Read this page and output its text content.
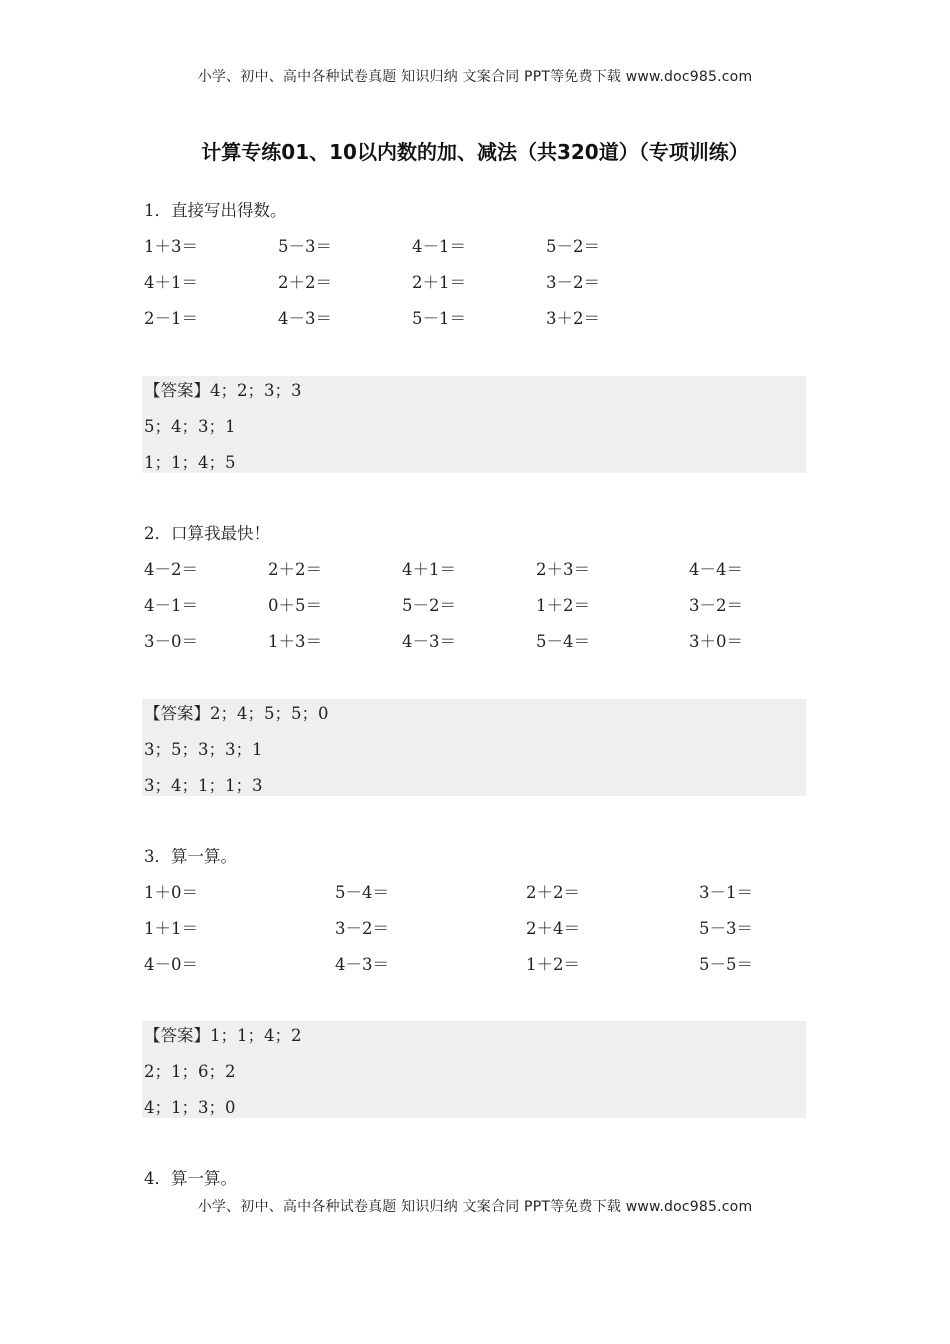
小学、初中、高中各种试卷真题 知识归纳 文案合同 PPT等免费下载 www.doc985.com
计算专练01、10以内数的加、减法（共320道）（专项训练）
1．直接写出得数。
1＋3＝	5－3＝	4－1＝	5－2＝
4＋1＝	2＋2＝	2＋1＝	3－2＝
2－1＝	4－3＝	5－1＝	3＋2＝
【答案】4；2；3；3
5；4；3；1
1；1；4；5
2．口算我最快！
4－2＝	2＋2＝	4＋1＝	2＋3＝	4－4＝
4－1＝	0＋5＝	5－2＝	1＋2＝	3－2＝
3－0＝	1＋3＝	4－3＝	5－4＝	3＋0＝
【答案】2；4；5；5；0
3；5；3；3；1
3；4；1；1；3
3．算一算。
1＋0＝	5－4＝	2＋2＝	3－1＝
1＋1＝	3－2＝	2＋4＝	5－3＝
4－0＝	4－3＝	1＋2＝	5－5＝
【答案】1；1；4；2
2；1；6；2
4；1；3；0
4．算一算。
小学、初中、高中各种试卷真题 知识归纳 文案合同 PPT等免费下载 www.doc985.com
